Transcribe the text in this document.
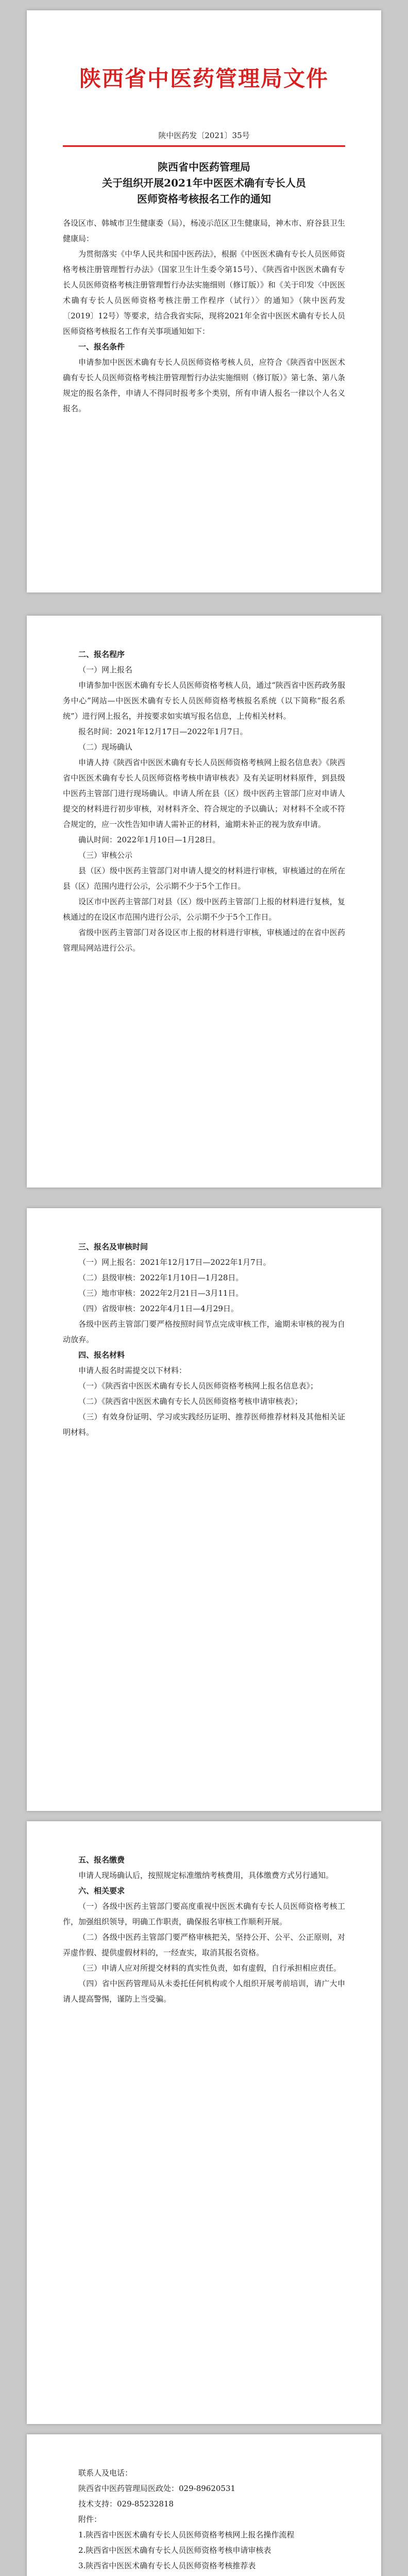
陕西省中医药管理局文件
陕中医药发〔2021〕35号
陕西省中医药管理局
关于组织开展2021年中医医术确有专长人员
医师资格考核报名工作的通知

各设区市、韩城市卫生健康委（局），杨凌示范区卫生健康局，神木市、府谷县卫生健康局：

为贯彻落实《中华人民共和国中医药法》，根据《中医医术确有专长人员医师资格考核注册管理暂行办法》（国家卫生计生委令第15号）、《陕西省中医医术确有专长人员医师资格考核注册管理暂行办法实施细则（修订版）》和《关于印发〈中医医术确有专长人员医师资格考核注册工作程序（试行）〉的通知》（陕中医药发〔2019〕12号）等要求，结合我省实际，现将2021年全省中医医术确有专长人员医师资格考核报名工作有关事项通知如下：

一、报名条件

申请参加中医医术确有专长人员医师资格考核人员，应符合《陕西省中医医术确有专长人员医师资格考核注册管理暂行办法实施细则（修订版）》第七条、第八条规定的报名条件，申请人不得同时报考多个类别，所有申请人报名一律以个人名义报名。

二、报名程序

（一）网上报名

申请参加中医医术确有专长人员医师资格考核人员，通过“陕西省中医药政务服务中心”网站—中医医术确有专长人员医师资格考核报名系统（以下简称“报名系统”）进行网上报名，并按要求如实填写报名信息，上传相关材料。

报名时间：2021年12月17日—2022年1月7日。

（二）现场确认

申请人持《陕西省中医医术确有专长人员医师资格考核网上报名信息表》《陕西省中医医术确有专长人员医师资格考核申请审核表》及有关证明材料原件，到县级中医药主管部门进行现场确认。申请人所在县（区）级中医药主管部门应对申请人提交的材料进行初步审核，对材料齐全、符合规定的予以确认；对材料不全或不符合规定的，应一次性告知申请人需补正的材料，逾期未补正的视为放弃申请。

确认时间：2022年1月10日—1月28日。

（三）审核公示

县（区）级中医药主管部门对申请人提交的材料进行审核，审核通过的在所在县（区）范围内进行公示，公示期不少于5个工作日。

设区市中医药主管部门对县（区）级中医药主管部门上报的材料进行复核，复核通过的在设区市范围内进行公示，公示期不少于5个工作日。

省级中医药主管部门对各设区市上报的材料进行审核，审核通过的在省中医药管理局网站进行公示。

三、报名及审核时间

（一）网上报名：2021年12月17日—2022年1月7日。

（二）县级审核：2022年1月10日—1月28日。

（三）地市审核：2022年2月21日—3月11日。

（四）省级审核：2022年4月1日—4月29日。

各级中医药主管部门要严格按照时间节点完成审核工作，逾期未审核的视为自动放弃。

四、报名材料

申请人报名时需提交以下材料：

（一）《陕西省中医医术确有专长人员医师资格考核网上报名信息表》；

（二）《陕西省中医医术确有专长人员医师资格考核申请审核表》；

（三）有效身份证明、学习或实践经历证明、推荐医师推荐材料及其他相关证明材料。

五、报名缴费

申请人现场确认后，按照规定标准缴纳考核费用，具体缴费方式另行通知。

六、相关要求

（一）各级中医药主管部门要高度重视中医医术确有专长人员医师资格考核工作，加强组织领导，明确工作职责，确保报名审核工作顺利开展。

（二）各级中医药主管部门要严格审核把关，坚持公开、公平、公正原则，对弄虚作假、提供虚假材料的，一经查实，取消其报名资格。

（三）申请人应对所提交材料的真实性负责，如有虚假，自行承担相应责任。

（四）省中医药管理局从未委托任何机构或个人组织开展考前培训，请广大申请人提高警惕，谨防上当受骗。

联系人及电话：

陕西省中医药管理局医政处：029-89620531

技术支持：029-85232818

附件：

1.陕西省中医医术确有专长人员医师资格考核网上报名操作流程

2.陕西省中医医术确有专长人员医师资格考核申请审核表

3.陕西省中医医术确有专长人员医师资格考核推荐表
